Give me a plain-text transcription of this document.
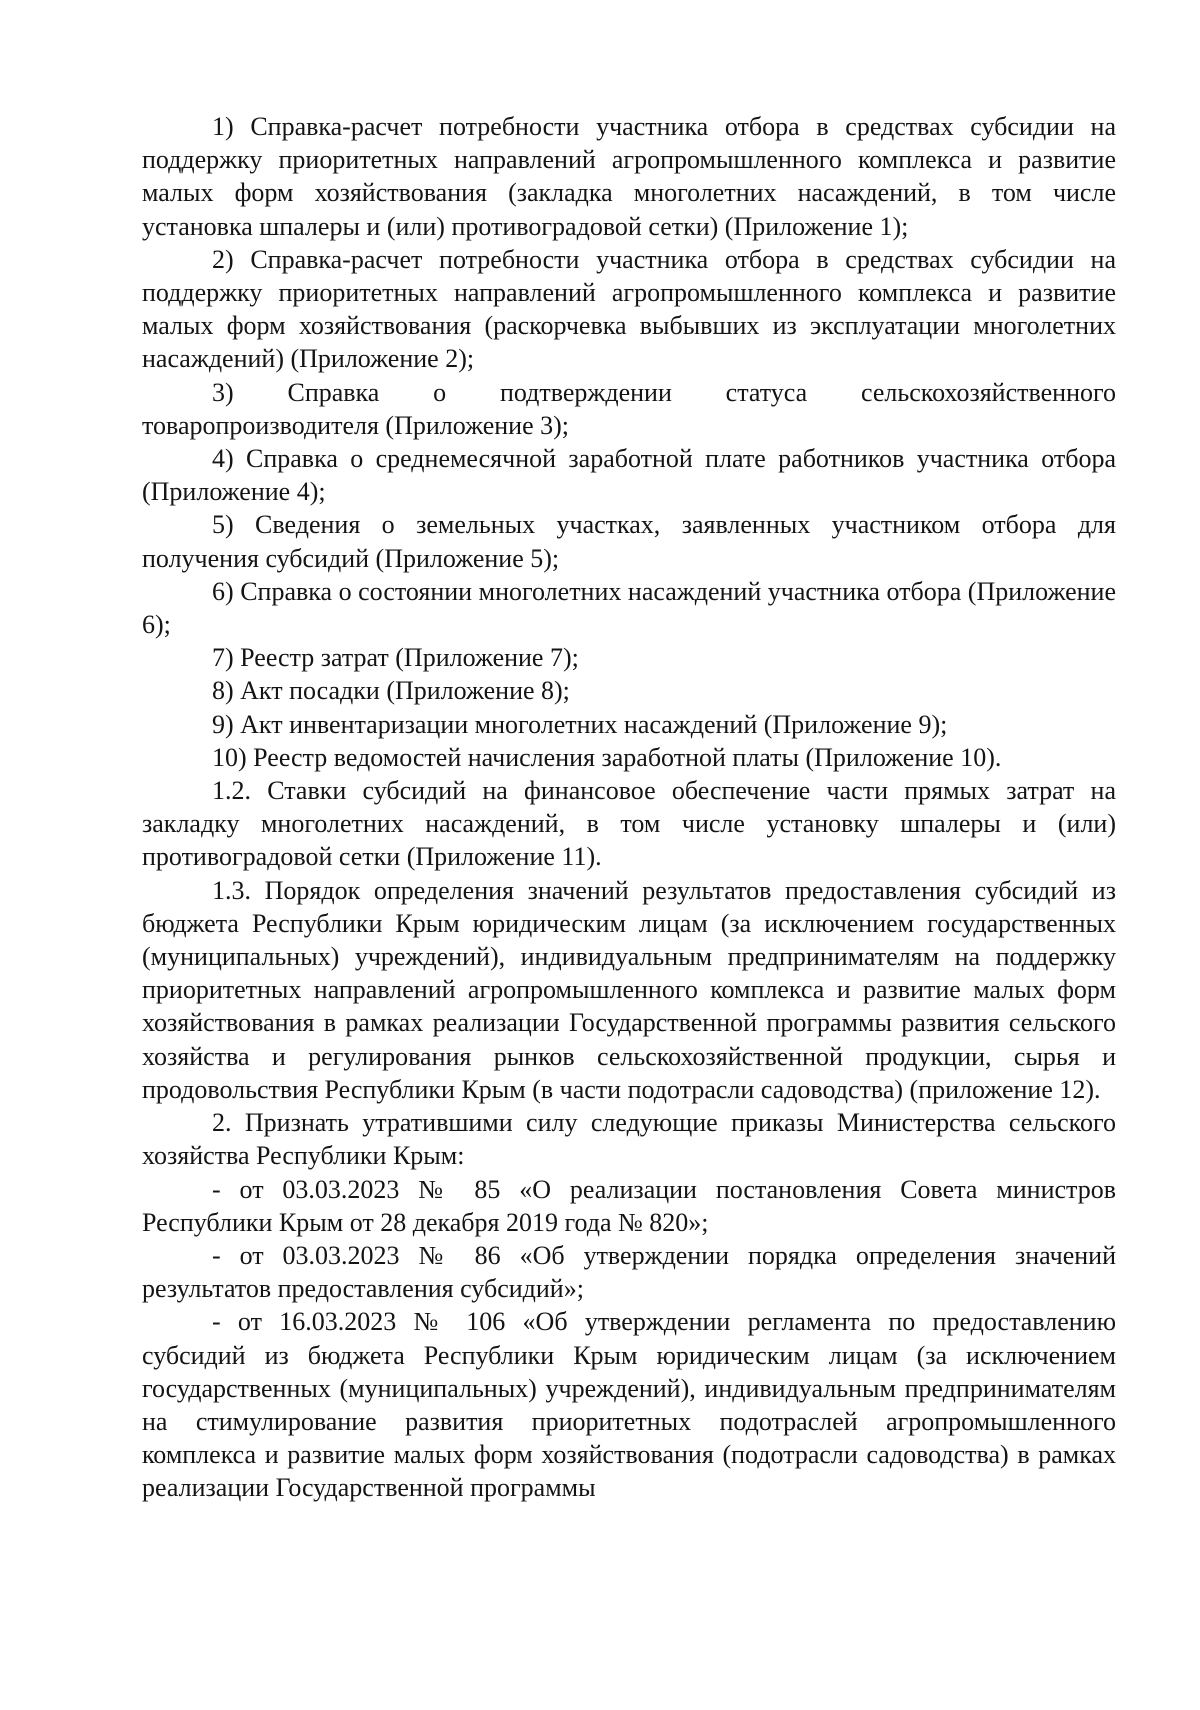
1) Справка-расчет потребности участника отбора в средствах субсидии на поддержку приоритетных направлений агропромышленного комплекса и развитие малых форм хозяйствования (закладка многолетних насаждений, в том числе установка шпалеры и (или) противоградовой сетки) (Приложение 1);

2) Справка-расчет потребности участника отбора в средствах субсидии на поддержку приоритетных направлений агропромышленного комплекса и развитие малых форм хозяйствования (раскорчевка выбывших из эксплуатации многолетних насаждений) (Приложение 2);

3) Справка о подтверждении статуса сельскохозяйственного товаропроизводителя (Приложение 3);

4) Справка о среднемесячной заработной плате работников участника отбора (Приложение 4);

5) Сведения о земельных участках, заявленных участником отбора для получения субсидий (Приложение 5);

6) Справка о состоянии многолетних насаждений участника отбора (Приложение 6);

7) Реестр затрат (Приложение 7);

8) Акт посадки (Приложение 8);

9) Акт инвентаризации многолетних насаждений (Приложение 9);

10) Реестр ведомостей начисления заработной платы (Приложение 10).

1.2. Ставки субсидий на финансовое обеспечение части прямых затрат на закладку многолетних насаждений, в том числе установку шпалеры и (или) противоградовой сетки (Приложение 11).

1.3. Порядок определения значений результатов предоставления субсидий из бюджета Республики Крым юридическим лицам (за исключением государственных (муниципальных) учреждений), индивидуальным предпринимателям на поддержку приоритетных направлений агропромышленного комплекса и развитие малых форм хозяйствования в рамках реализации Государственной программы развития сельского хозяйства и регулирования рынков сельскохозяйственной продукции, сырья и продовольствия Республики Крым (в части подотрасли садоводства) (приложение 12).

2. Признать утратившими силу следующие приказы Министерства сельского хозяйства Республики Крым:

- от 03.03.2023 № 85 «О реализации постановления Совета министров Республики Крым от 28 декабря 2019 года № 820»;

- от 03.03.2023 № 86 «Об утверждении порядка определения значений результатов предоставления субсидий»;

- от 16.03.2023 № 106 «Об утверждении регламента по предоставлению субсидий из бюджета Республики Крым юридическим лицам (за исключением государственных (муниципальных) учреждений), индивидуальным предпринимателям на стимулирование развития приоритетных подотраслей агропромышленного комплекса и развитие малых форм хозяйствования (подотрасли садоводства) в рамках реализации Государственной программы
